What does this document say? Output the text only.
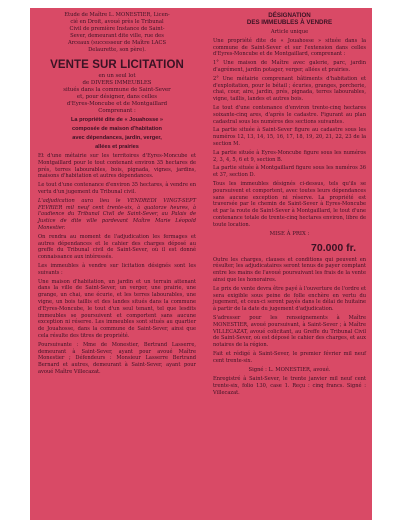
Etude de Maître L. MONESTIER, Licen-

cié en Droit, avoué près le Tribunal

Civil de première Instance de Saint-

Sever, demeurant dite ville, rue des

Arceaux (successeur de Maître LACS

Delaurette, son père).

VENTE SUR LICITATION

en un seul lot

de DIVERS IMMEUBLES

situés dans la commune de Saint-Sever

et, pour désigner, dans celles

d'Eyres-Moncube et de Montgaillard

Comprenant :

La propriété dite de « Jouahosse »

composée de maison d'habitation

avec dépendances, jardin, verger,

allées et prairies

Et d'une métairie sur les territoires d'Eyres-Moncube et Montgaillard pour le tout contenant environ 35 hectares de prés, terres labourables, bois, pignada, vignes, jardins, maisons d'habitation et autres dépendances.

Le tout d'une contenance d'environ 35 hectares, à vendre en vertu d'un jugement du Tribunal civil.

L'adjudication aura lieu le VENDREDI VINGT-SEPT FEVRIER mil neuf cent trente-six, à quatorze heures, à l'audience du Tribunal Civil de Saint-Sever, au Palais de Justice de dite ville pardevant Maître Marie Léopold Monestier.

On rendra au moment de l'adjudication les fermages et autres dépendances et le cahier des charges déposé au greffe du Tribunal civil de Saint-Sever, où il est donné connaissance aux intéressés.

Les immeubles à vendre sur licitation désignés sont les suivants :

Une maison d'habitation, un jardin et un terrain attenant dans la ville de Saint-Sever, un verger, une prairie, une grange, un chai, une écurie, et les terres labourables, une vigne, un bois taillis et des landes situés dans la commune d'Eyres-Moncube, le tout d'un seul tenant, tel que lesdits immeubles se poursuivent et comportent sans aucune exception ni réserve. Les immeubles sont situés au quartier de Jouahosse, dans la commune de Saint-Sever, ainsi que cela résulte des titres de propriété.

Poursuivante : Mme de Monestier, Bertrand Lasserre, demeurant à Saint-Sever, ayant pour avoué Maître Monestier ; Défendeurs : Monsieur Lasserre Bertrand Bernard et autres, demeurant à Saint-Sever, ayant pour avoué Maître Villecazat.

DÉSIGNATION

DES IMMEUBLES À VENDRE

Article unique

Une propriété dite de « Jouahosse » située dans la commune de Saint-Sever et sur l'extension dans celles d'Eyres-Moncube et de Montgaillard, comprenant :

1° Une maison de Maître avec galerie, parc, jardin d'agrément, jardin potager, verger, allées et prairies.

2° Une métairie comprenant bâtiments d'habitation et d'exploitation, pour le bétail ; écuries, granges, porcherie, chai, cour, aire, jardin, prés, pignada, terres labourables, vigne, taillis, landes et autres bois.

Le tout d'une contenance d'environ trente-cinq hectares soixante-cinq ares, d'après le cadastre. Figurant au plan cadastral sous les numéros des sections suivantes.

La partie située à Saint-Sever figure au cadastre sous les numéros 12, 13, 14, 15, 16, 17, 18, 19, 20, 21, 22, 23 de la section M.

La partie située à Eyres-Moncube figure sous les numéros 2, 3, 4, 5, 6 et 9, section B.

La partie située à Montgaillard figure sous les numéros 36 et 37, section D.

Tous les immeubles désignés ci-dessus, tels qu'ils se poursuivent et comportent, avec toutes leurs dépendances sans aucune exception ni réserve. La propriété est traversée par le chemin de Saint-Sever à Eyres-Moncube et par la route de Saint-Sever à Montgaillard, le tout d'une contenance totale de trente-cinq hectares environ, libre de toute location.

MISE À PRIX :

70.000 fr.

Outre les charges, clauses et conditions qui peuvent en résulter, les adjudicataires seront tenus de payer comptant entre les mains de l'avoué poursuivant les frais de la vente ainsi que les honoraires.

Le prix de vente devra être payé à l'ouverture de l'ordre et sera exigible sous peine de folle enchère en vertu du jugement, et ceux-ci seront payés dans le délai de huitaine à partir de la date du jugement d'adjudication.

S'adresser pour les renseignements à Maître MONESTIER, avoué poursuivant, à Saint-Sever ; à Maître VILLECAZAT, avoué colicitant, au Greffe du Tribunal Civil de Saint-Sever, où est déposé le cahier des charges, et aux notaires de la région.

Fait et rédigé à Saint-Sever, le premier février mil neuf cent trente-six.

Signé : L. MONESTIER, avoué.

Enregistré à Saint-Sever, le trente janvier mil neuf cent trente-six, folio 130, case 1. Reçu : cinq francs. Signé : Villecazat.
